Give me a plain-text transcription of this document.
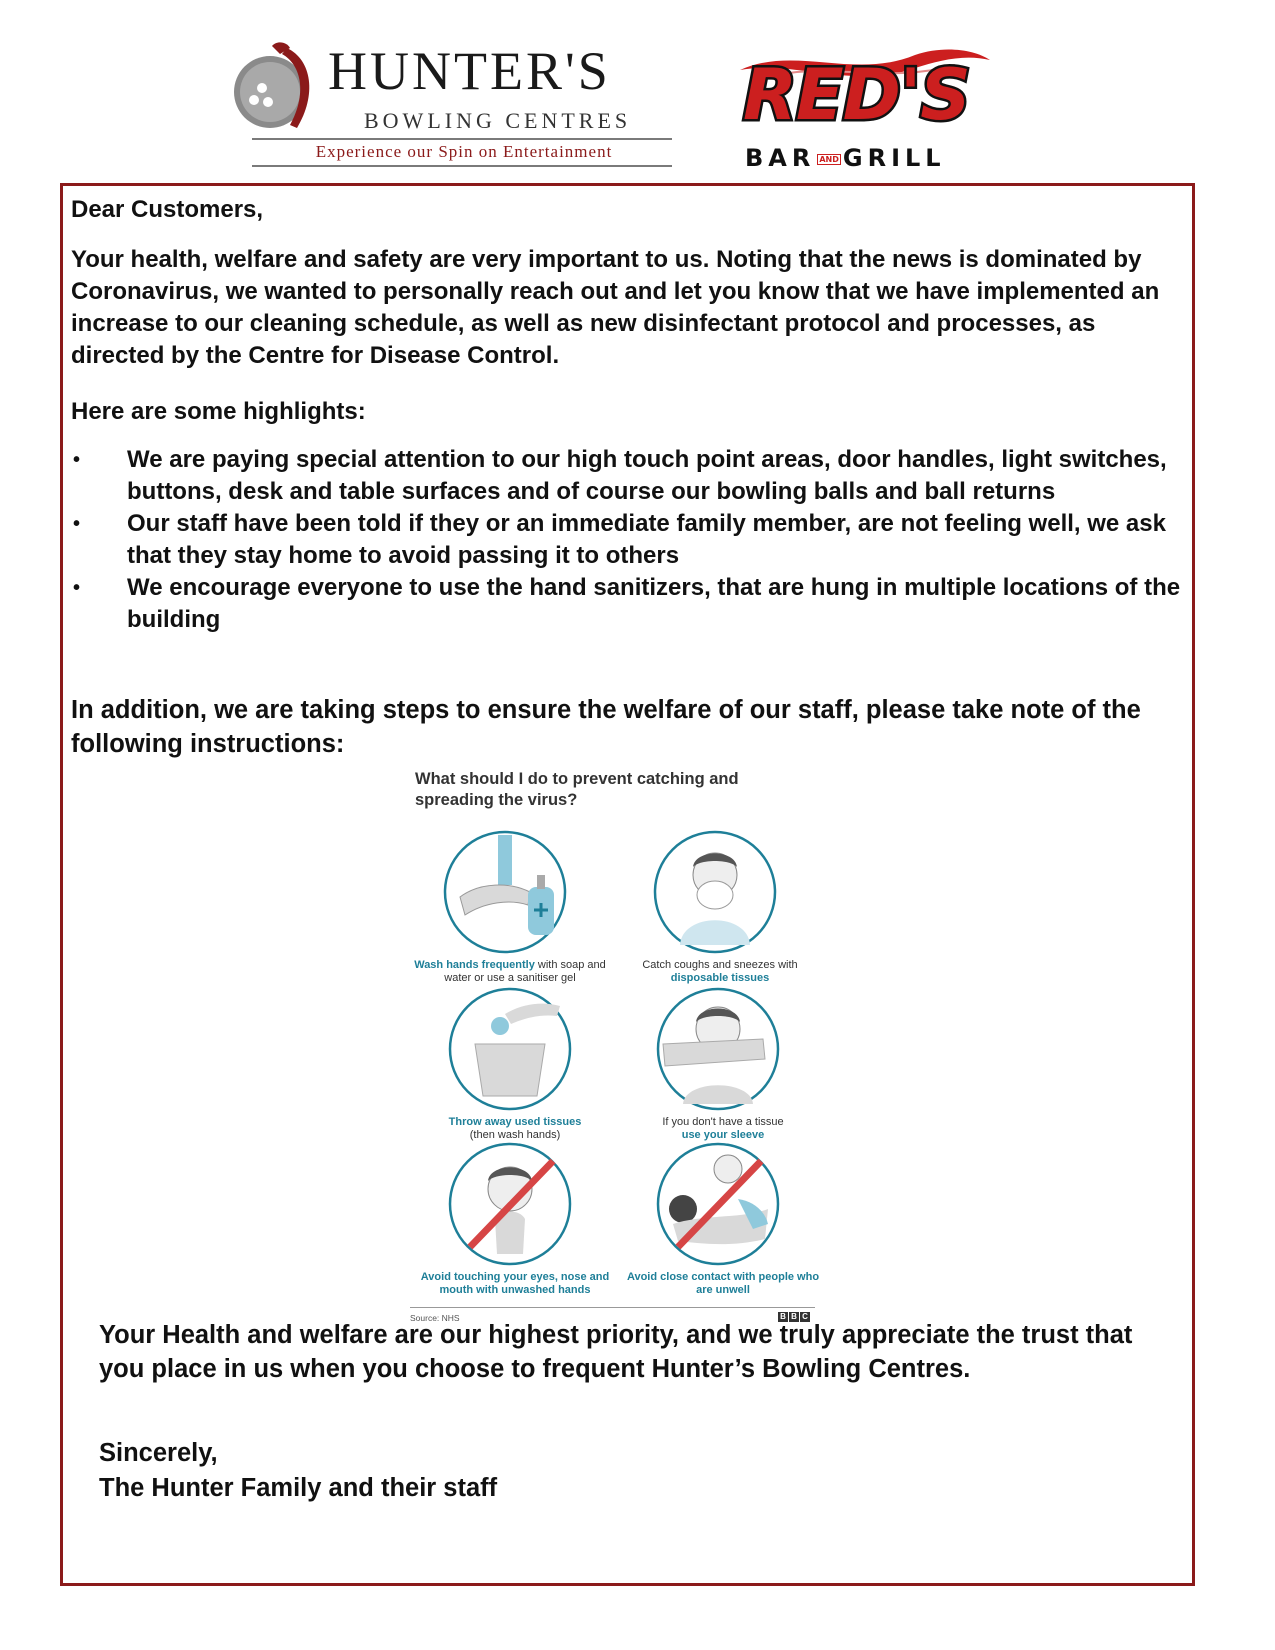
HUNTER'S
BOWLING CENTRES
Experience our Spin on Entertainment
RED'S
BAR AND GRILL

Dear Customers,

Your health, welfare and safety are very important to us. Noting that the news is dominated by Coronavirus, we wanted to personally reach out and let you know that we have implemented an increase to our cleaning schedule, as well as new disinfectant protocol and processes, as directed by the Centre for Disease Control.

Here are some highlights:

• We are paying special attention to our high touch point areas, door handles, light switches, buttons, desk and table surfaces and of course our bowling balls and ball returns
• Our staff have been told if they or an immediate family member, are not feeling well, we ask that they stay home to avoid passing it to others
• We encourage everyone to use the hand sanitizers, that are hung in multiple locations of the building

In addition, we are taking steps to ensure the welfare of our staff, please take note of the following instructions:

What should I do to prevent catching and spreading the virus?
Wash hands frequently with soap and water or use a sanitiser gel
Catch coughs and sneezes with
disposable tissues
Throw away used tissues
(then wash hands)
If you don't have a tissue
use your sleeve
Avoid touching your eyes, nose and mouth with unwashed hands
Avoid close contact with people who are unwell
Source: NHS	B B C

Your Health and welfare are our highest priority, and we truly appreciate the trust that you place in us when you choose to frequent Hunter’s Bowling Centres.

Sincerely,

The Hunter Family and their staff
